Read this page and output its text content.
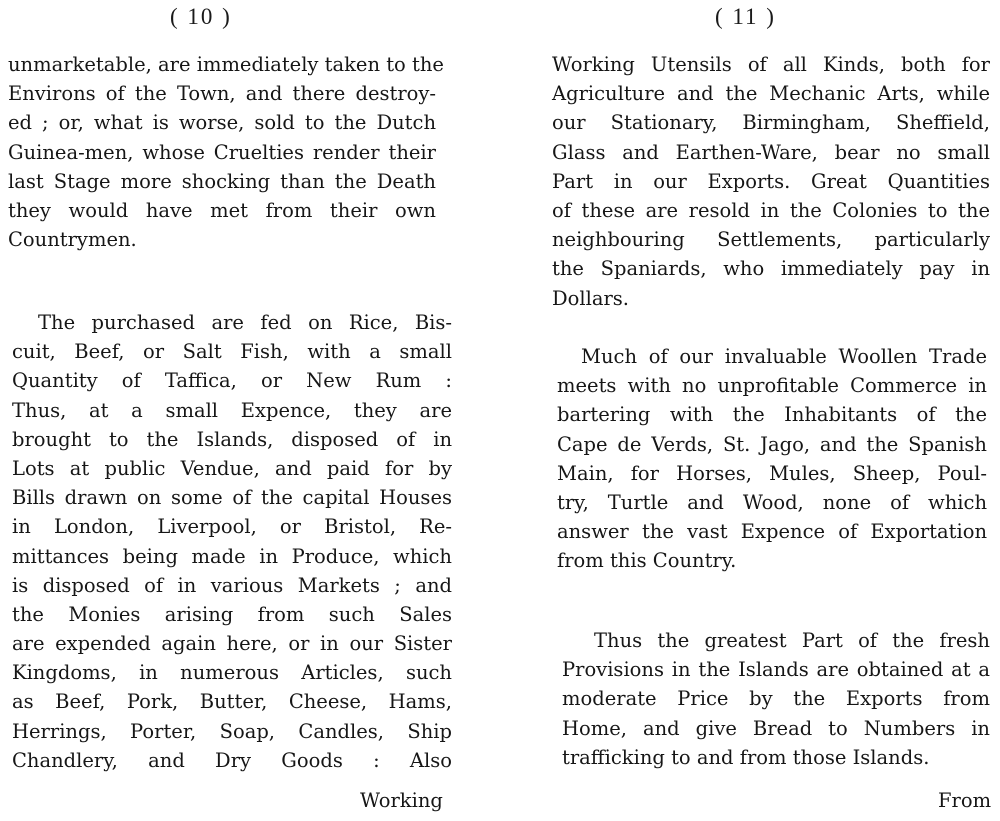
( 10 )
unmarketable, are immediately taken to the
Environs of the Town, and there destroy-
ed ; or, what is worse, sold to the Dutch
Guinea-men, whose Cruelties render their
last Stage more shocking than the Death
they would have met from their own
Countrymen.
The purchased are fed on Rice, Bis-
cuit, Beef, or Salt Fish, with a small
Quantity of Taffica, or New Rum :
Thus, at a small Expence, they are
brought to the Islands, disposed of in
Lots at public Vendue, and paid for by
Bills drawn on some of the capital Houses
in London, Liverpool, or Bristol, Re-
mittances being made in Produce, which
is disposed of in various Markets ; and
the Monies arising from such Sales
are expended again here, or in our Sister
Kingdoms, in numerous Articles, such
as Beef, Pork, Butter, Cheese, Hams,
Herrings, Porter, Soap, Candles, Ship
Chandlery, and Dry Goods : Also
Working
( 11 )
Working Utensils of all Kinds, both for
Agriculture and the Mechanic Arts, while
our Stationary, Birmingham, Sheffield,
Glass and Earthen-Ware, bear no small
Part in our Exports. Great Quantities
of these are resold in the Colonies to the
neighbouring Settlements, particularly
the Spaniards, who immediately pay in
Dollars.
Much of our invaluable Woollen Trade
meets with no unprofitable Commerce in
bartering with the Inhabitants of the
Cape de Verds, St. Jago, and the Spanish
Main, for Horses, Mules, Sheep, Poul-
try, Turtle and Wood, none of which
answer the vast Expence of Exportation
from this Country.
Thus the greatest Part of the fresh
Provisions in the Islands are obtained at a
moderate Price by the Exports from
Home, and give Bread to Numbers in
trafficking to and from those Islands.
From
